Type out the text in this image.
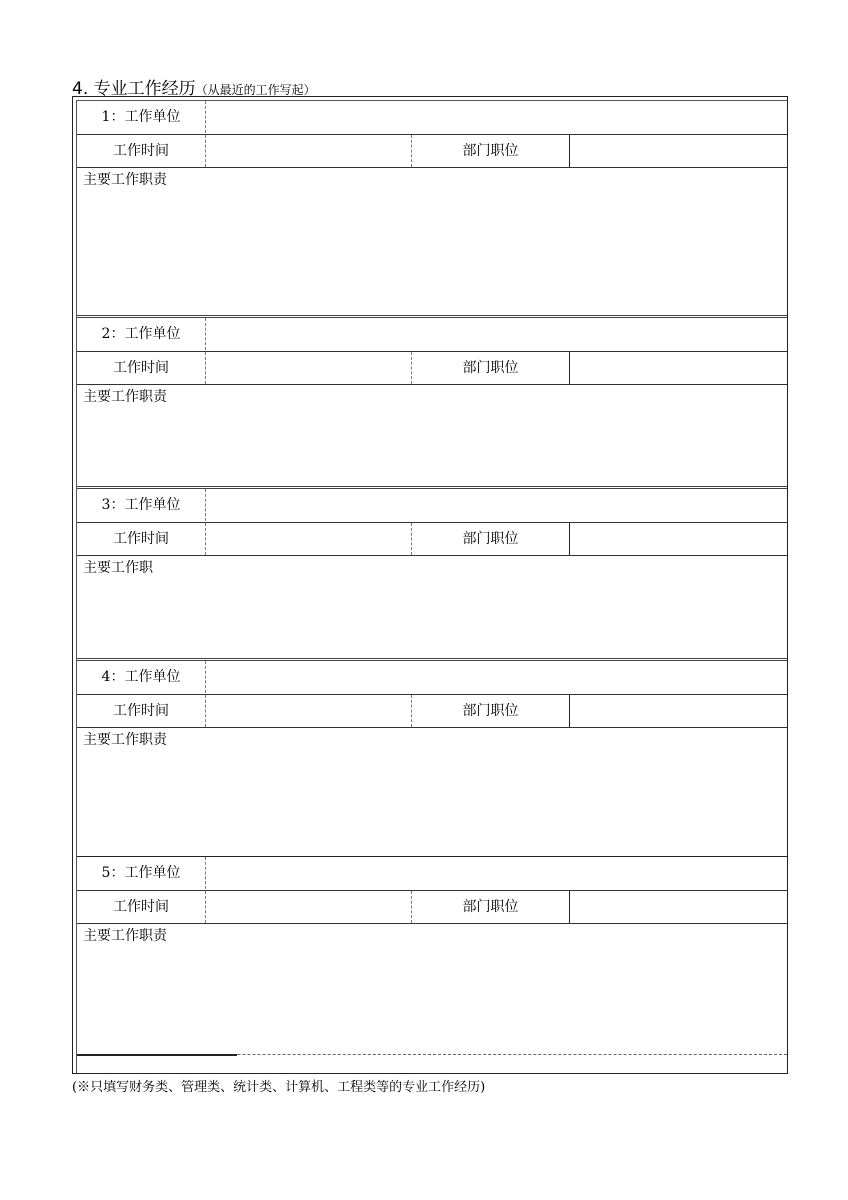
4. 专业工作经历（从最近的工作写起）
1：工作单位
工作时间	部门职位
主要工作职责
2：工作单位
工作时间	部门职位
主要工作职责
3：工作单位
工作时间	部门职位
主要工作职
4：工作单位
工作时间	部门职位
主要工作职责
5：工作单位
工作时间	部门职位
主要工作职责
(※只填写财务类、管理类、统计类、计算机、工程类等的专业工作经历)
